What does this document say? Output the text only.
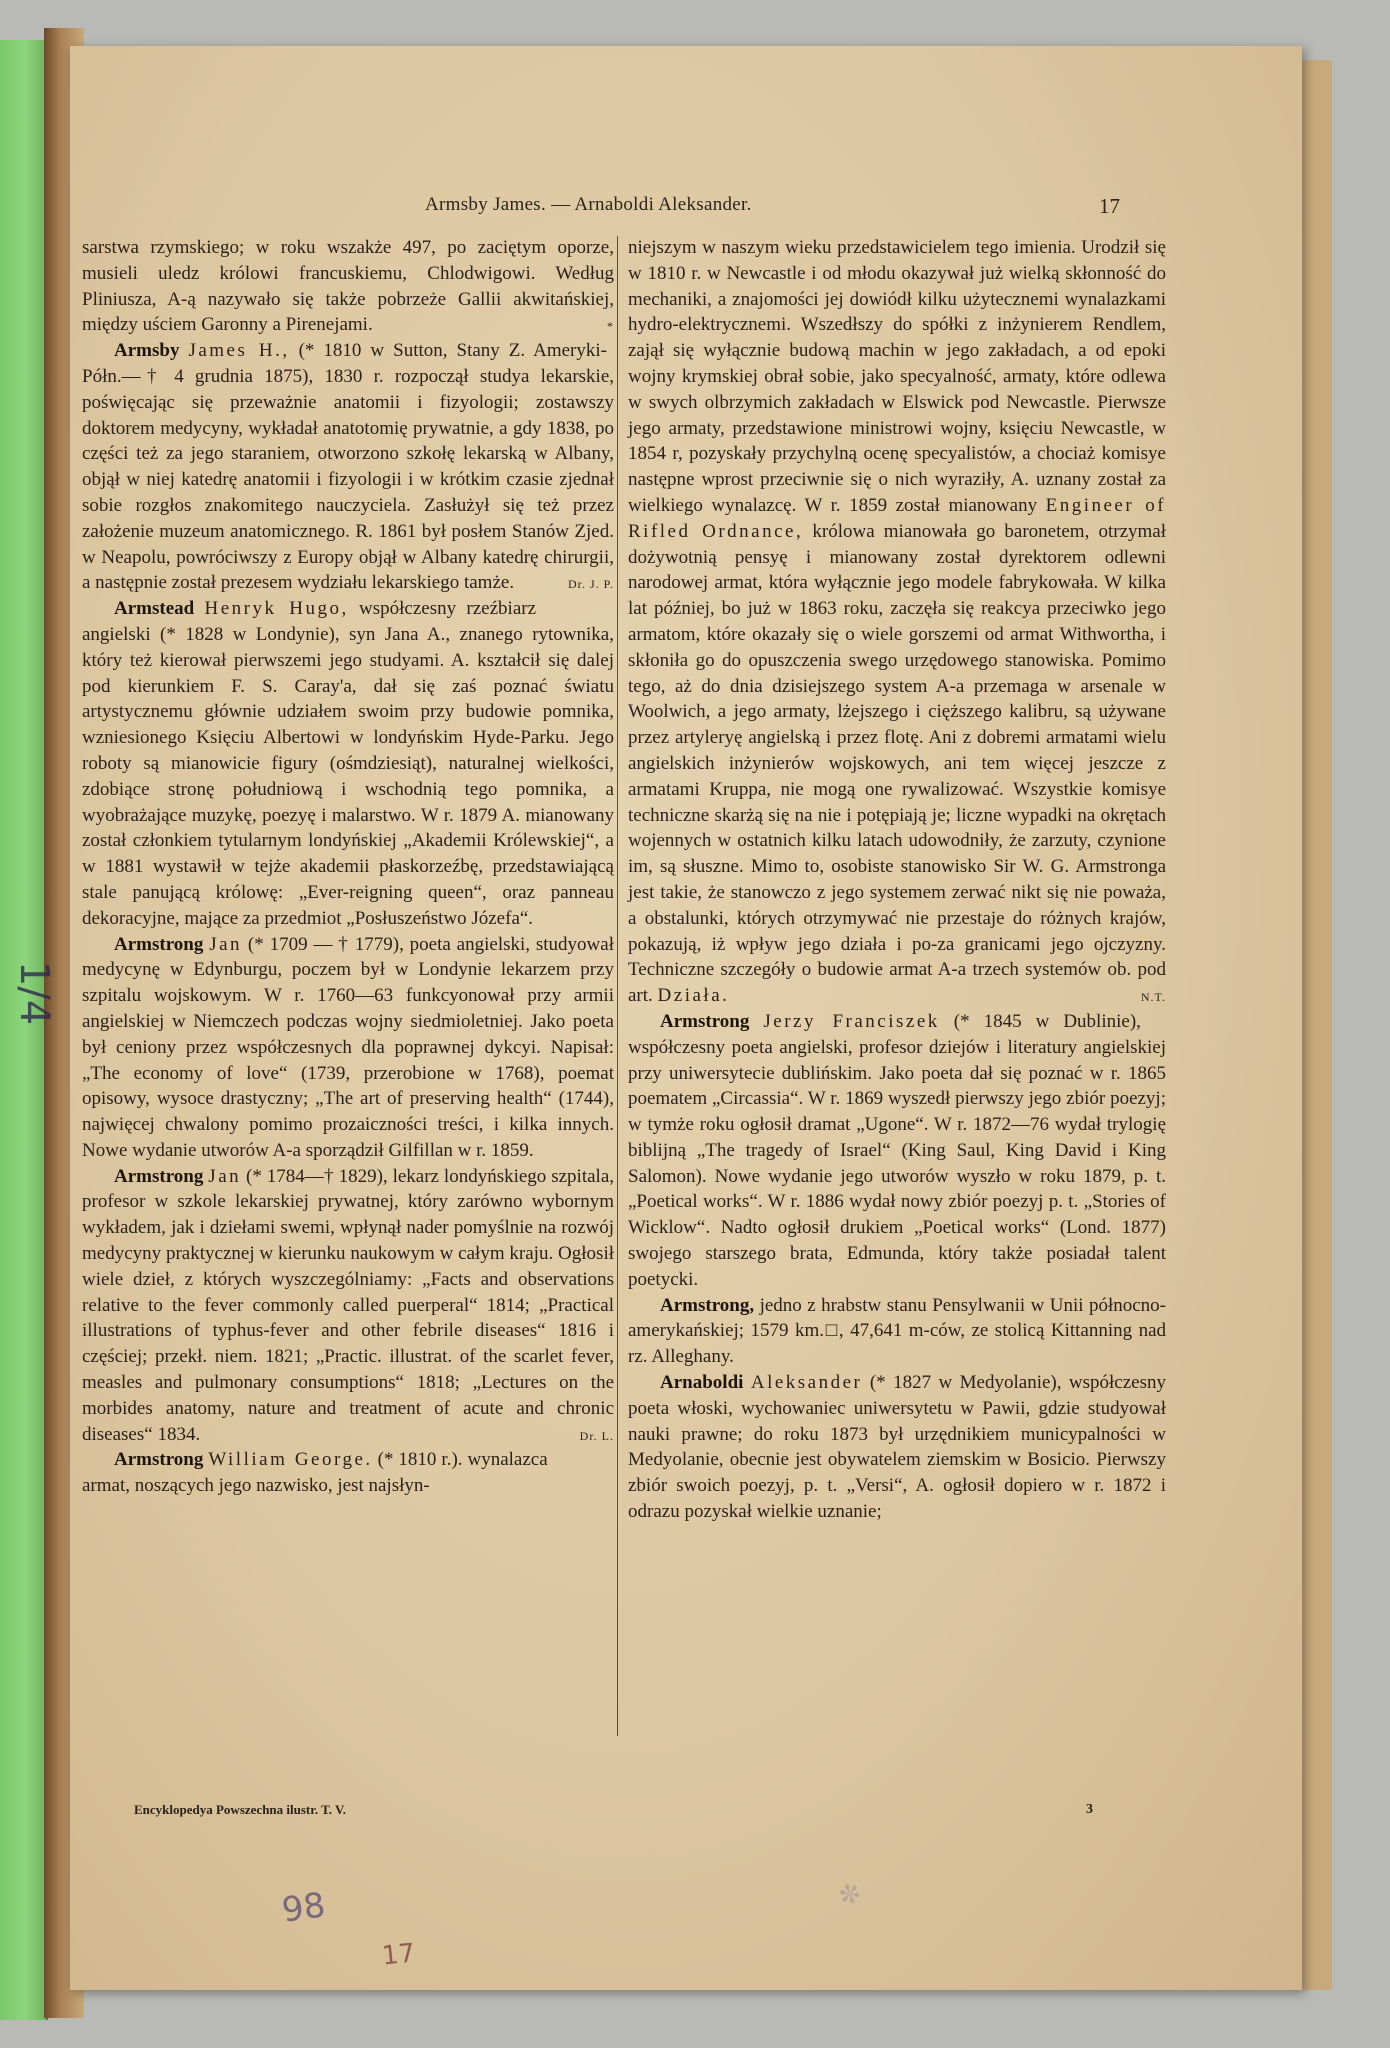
Armsby James. — Arnaboldi Aleksander.	17

sarstwa rzymskiego; w roku wszakże 497, po zaciętym oporze, musieli uledz królowi francuskiemu, Chlodwigowi. Według Pliniusza, A-ą nazywało się także pobrzeże Gallii akwitańskiej, między uściem Garonny a Pirenejami.	*

Armsby James H., (* 1810 w Sutton, Stany Z. Ameryki-Półn.—† 4 grudnia 1875), 1830 r. rozpoczął studya lekarskie, poświęcając się przeważnie anatomii i fizyologii; zostawszy doktorem medycyny, wykładał anatotomię prywatnie, a gdy 1838, po części też za jego staraniem, otworzono szkołę lekarską w Albany, objął w niej katedrę anatomii i fizyologii i w krótkim czasie zjednał sobie rozgłos znakomitego nauczyciela. Zasłużył się też przez założenie muzeum anatomicznego. R. 1861 był posłem Stanów Zjed. w Neapolu, powróciwszy z Europy objął w Albany katedrę chirurgii, a następnie został prezesem wydziału lekarskiego tamże.	Dr. J. P.

Armstead Henryk Hugo, współczesny rzeźbiarz angielski (* 1828 w Londynie), syn Jana A., znanego rytownika, który też kierował pierwszemi jego studyami. A. kształcił się dalej pod kierunkiem F. S. Caray'a, dał się zaś poznać światu artystycznemu głównie udziałem swoim przy budowie pomnika, wzniesionego Księciu Albertowi w londyńskim Hyde-Parku. Jego roboty są mianowicie figury (ośmdziesiąt), naturalnej wielkości, zdobiące stronę południową i wschodnią tego pomnika, a wyobrażające muzykę, poezyę i malarstwo. W r. 1879 A. mianowany został członkiem tytularnym londyńskiej „Akademii Królewskiej“, a w 1881 wystawił w tejże akademii płaskorzeźbę, przedstawiającą stale panującą królowę: „Ever-reigning queen“, oraz panneau dekoracyjne, mające za przedmiot „Posłuszeństwo Józefa“.

Armstrong Jan (* 1709 — † 1779), poeta angielski, studyował medycynę w Edynburgu, poczem był w Londynie lekarzem przy szpitalu wojskowym. W r. 1760—63 funkcyonował przy armii angielskiej w Niemczech podczas wojny siedmioletniej. Jako poeta był ceniony przez współczesnych dla poprawnej dykcyi. Napisał: „The economy of love“ (1739, przerobione w 1768), poemat opisowy, wysoce drastyczny; „The art of preserving health“ (1744), najwięcej chwalony pomimo prozaiczności treści, i kilka innych. Nowe wydanie utworów A-a sporządził Gilfillan w r. 1859.

Armstrong Jan (* 1784—† 1829), lekarz londyńskiego szpitala, profesor w szkole lekarskiej prywatnej, który zarówno wybornym wykładem, jak i dziełami swemi, wpłynął nader pomyślnie na rozwój medycyny praktycznej w kierunku naukowym w całym kraju. Ogłosił wiele dzieł, z których wyszczególniamy: „Facts and observations relative to the fever commonly called puerperal“ 1814; „Practical illustrations of typhus-fever and other febrile diseases“ 1816 i częściej; przekł. niem. 1821; „Practic. illustrat. of the scarlet fever, measles and pulmonary consumptions“ 1818; „Lectures on the morbides anatomy, nature and treatment of acute and chronic diseases“ 1834.	Dr. L.

Armstrong William George. (* 1810 r.). wynalazca armat, noszących jego nazwisko, jest najsłyn-

niejszym w naszym wieku przedstawicielem tego imienia. Urodził się w 1810 r. w Newcastle i od młodu okazywał już wielką skłonność do mechaniki, a znajomości jej dowiódł kilku użytecznemi wynalazkami hydro-elektrycznemi. Wszedłszy do spółki z inżynierem Rendlem, zajął się wyłącznie budową machin w jego zakładach, a od epoki wojny krymskiej obrał sobie, jako specyalność, armaty, które odlewa w swych olbrzymich zakładach w Elswick pod Newcastle. Pierwsze jego armaty, przedstawione ministrowi wojny, księciu Newcastle, w 1854 r, pozyskały przychylną ocenę specyalistów, a chociaż komisye następne wprost przeciwnie się o nich wyraziły, A. uznany został za wielkiego wynalazcę. W r. 1859 został mianowany Engineer of Rifled Ordnance, królowa mianowała go baronetem, otrzymał dożywotnią pensyę i mianowany został dyrektorem odlewni narodowej armat, która wyłącznie jego modele fabrykowała. W kilka lat później, bo już w 1863 roku, zaczęła się reakcya przeciwko jego armatom, które okazały się o wiele gorszemi od armat Withwortha, i skłoniła go do opuszczenia swego urzędowego stanowiska. Pomimo tego, aż do dnia dzisiejszego system A-a przemaga w arsenale w Woolwich, a jego armaty, lżejszego i cięższego kalibru, są używane przez artyleryę angielską i przez flotę. Ani z dobremi armatami wielu angielskich inżynierów wojskowych, ani tem więcej jeszcze z armatami Kruppa, nie mogą one rywalizować. Wszystkie komisye techniczne skarżą się na nie i potępiają je; liczne wypadki na okrętach wojennych w ostatnich kilku latach udowodniły, że zarzuty, czynione im, są słuszne. Mimo to, osobiste stanowisko Sir W. G. Armstronga jest takie, że stanowczo z jego systemem zerwać nikt się nie poważa, a obstalunki, których otrzymywać nie przestaje do różnych krajów, pokazują, iż wpływ jego działa i po-za granicami jego ojczyzny. Techniczne szczegóły o budowie armat A-a trzech systemów ob. pod art. Działa.	N.T.

Armstrong Jerzy Franciszek (* 1845 w Dublinie), współczesny poeta angielski, profesor dziejów i literatury angielskiej przy uniwersytecie dublińskim. Jako poeta dał się poznać w r. 1865 poematem „Circassia“. W r. 1869 wyszedł pierwszy jego zbiór poezyj; w tymże roku ogłosił dramat „Ugone“. W r. 1872—76 wydał trylogię biblijną „The tragedy of Israel“ (King Saul, King David i King Salomon). Nowe wydanie jego utworów wyszło w roku 1879, p. t. „Poetical works“. W r. 1886 wydał nowy zbiór poezyj p. t. „Stories of Wicklow“. Nadto ogłosił drukiem „Poetical works“ (Lond. 1877) swojego starszego brata, Edmunda, który także posiadał talent poetycki.

Armstrong, jedno z hrabstw stanu Pensylwanii w Unii północno-amerykańskiej; 1579 km.□, 47,641 m-ców, ze stolicą Kittanning nad rz. Alleghany.

Arnaboldi Aleksander (* 1827 w Medyolanie), współczesny poeta włoski, wychowaniec uniwersytetu w Pawii, gdzie studyował nauki prawne; do roku 1873 był urzędnikiem municypalności w Medyolanie, obecnie jest obywatelem ziemskim w Bosicio. Pierwszy zbiór swoich poezyj, p. t. „Versi“, A. ogłosił dopiero w r. 1872 i odrazu pozyskał wielkie uznanie;

Encyklopedya Powszechna ilustr. T. V.	3
98
17
1/4
✼
